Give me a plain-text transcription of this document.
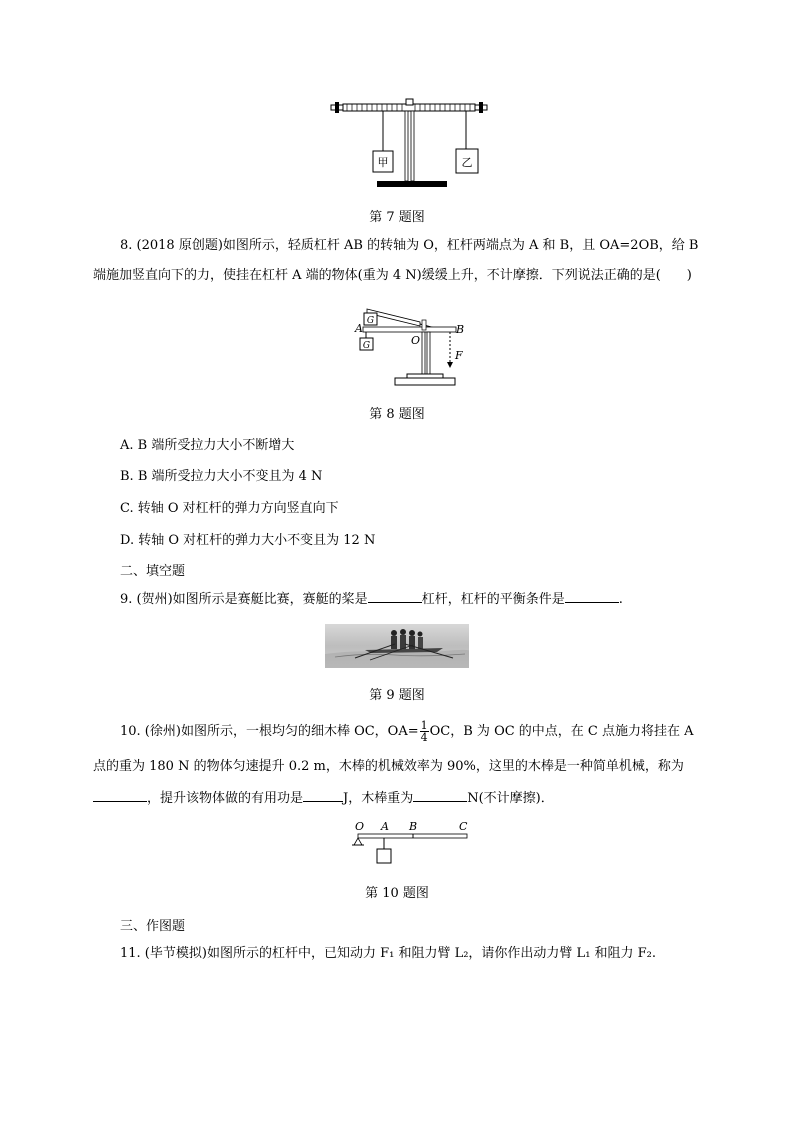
甲	乙
第 7 题图
8. (2018 原创题)如图所示，轻质杠杆 AB 的转轴为 O，杠杆两端点为 A 和 B，且 OA=2OB，给 B
端施加竖直向下的力，使挂在杠杆 A 端的物体(重为 4 N)缓缓上升，不计摩擦．下列说法正确的是(　　)
G
G
A
O
B
F
第 8 题图
A. B 端所受拉力大小不断增大
B. B 端所受拉力大小不变且为 4 N
C. 转轴 O 对杠杆的弹力方向竖直向下
D. 转轴 O 对杠杆的弹力大小不变且为 12 N
二、填空题
9. (贺州)如图所示是赛艇比赛，赛艇的桨是	杠杆，杠杆的平衡条件是	.
第 9 题图
10. (徐州)如图所示，一根均匀的细木棒 OC，$OA= \frac{1}{4}$ OC，B 为 OC 的中点，在 C 点施力将挂在 A
点的重为 180 N 的物体匀速提升 0.2 m，木棒的机械效率为 90%，这里的木棒是一种简单机械，称为
，提升该物体做的有用功是	J，木棒重为	N(不计摩擦)．
O A B	C
第 10 题图
三、作图题
11. (毕节模拟)如图所示的杠杆中，已知动力 F₁ 和阻力臂 L₂，请你作出动力臂 L₁ 和阻力 F₂.
